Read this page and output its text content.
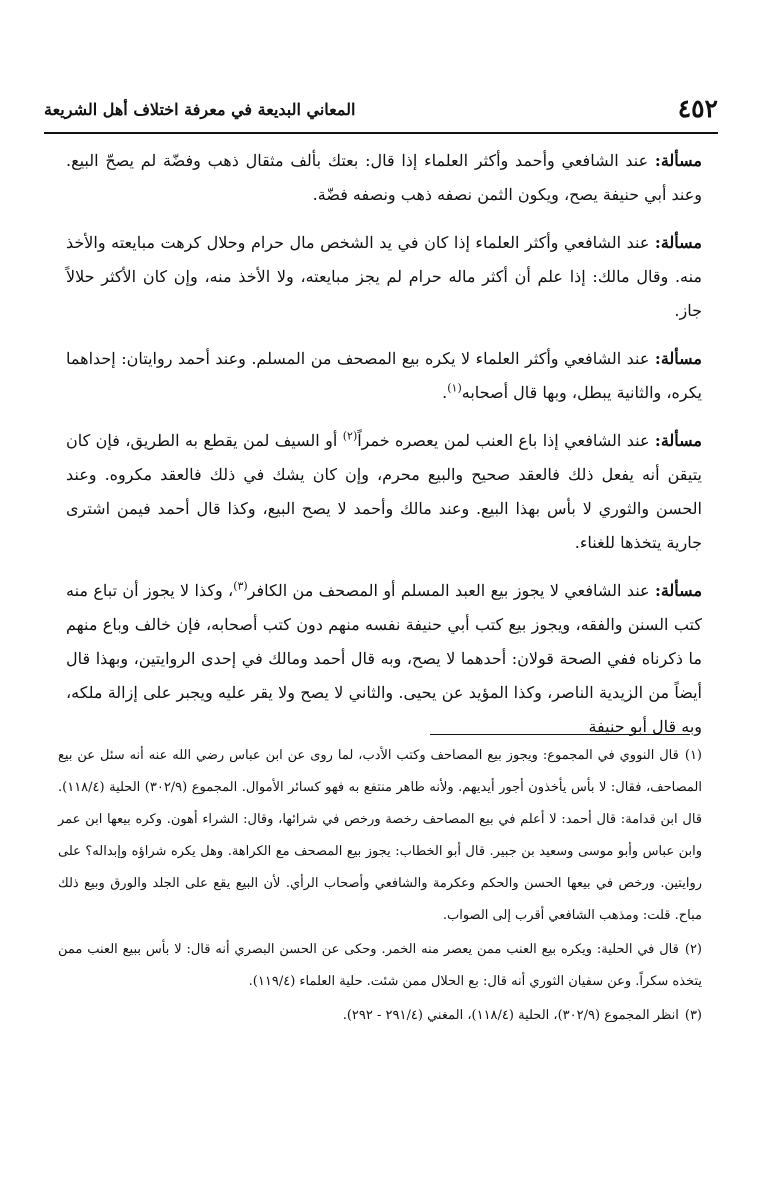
٤٥٢
المعاني البديعة في معرفة اختلاف أهل الشريعة

مسألة: عند الشافعي وأحمد وأكثر العلماء إذا قال: بعتك بألف مثقال ذهب وفضّة لم يصحّ البيع. وعند أبي حنيفة يصح، ويكون الثمن نصفه ذهب ونصفه فضّة.

مسألة: عند الشافعي وأكثر العلماء إذا كان في يد الشخص مال حرام وحلال كرهت مبايعته والأخذ منه. وقال مالك: إذا علم أن أكثر ماله حرام لم يجز مبايعته، ولا الأخذ منه، وإن كان الأكثر حلالاً جاز.

مسألة: عند الشافعي وأكثر العلماء لا يكره بيع المصحف من المسلم. وعند أحمد روايتان: إحداهما يكره، والثانية يبطل، وبها قال أصحابه$^{(١)}$.

مسألة: عند الشافعي إذا باع العنب لمن يعصره خمراً$^{(٢)}$ أو السيف لمن يقطع به الطريق، فإن كان يتيقن أنه يفعل ذلك فالعقد صحيح والبيع محرم، وإن كان يشك في ذلك فالعقد مكروه. وعند الحسن والثوري لا بأس بهذا البيع. وعند مالك وأحمد لا يصح البيع، وكذا قال أحمد فيمن اشترى جارية يتخذها للغناء.

مسألة: عند الشافعي لا يجوز بيع العبد المسلم أو المصحف من الكافر$^{(٣)}$، وكذا لا يجوز أن تباع منه كتب السنن والفقه، ويجوز بيع كتب أبي حنيفة نفسه منهم دون كتب أصحابه، فإن خالف وباع منهم ما ذكرناه ففي الصحة قولان: أحدهما لا يصح، وبه قال أحمد ومالك في إحدى الروايتين، وبهذا قال أيضاً من الزيدية الناصر، وكذا المؤيد عن يحيى. والثاني لا يصح ولا يقر عليه ويجبر على إزالة ملكه، وبه قال أبو حنيفة

(١)قال النووي في المجموع: ويجوز بيع المصاحف وكتب الأدب، لما روى عن ابن عباس رضي الله عنه أنه سئل عن بيع المصاحف، فقال: لا بأس يأخذون أجور أيديهم. ولأنه طاهر منتفع به فهو كسائر الأموال. المجموع (٣٠٢/٩) الحلية (١١٨/٤). قال ابن قدامة: قال أحمد: لا أعلم في بيع المصاحف رخصة ورخص في شرائها، وقال: الشراء أهون. وكره بيعها ابن عمر وابن عباس وأبو موسى وسعيد بن جبير. قال أبو الخطاب: يجوز بيع المصحف مع الكراهة. وهل يكره شراؤه وإبداله؟ على روايتين. ورخص في بيعها الحسن والحكم وعكرمة والشافعي وأصحاب الرأي. لأن البيع يقع على الجلد والورق وبيع ذلك مباح. قلت: ومذهب الشافعي أقرب إلى الصواب.

(٢)قال في الحلية: ويكره بيع العنب ممن يعصر منه الخمر. وحكى عن الحسن البصري أنه قال: لا بأس ببيع العنب ممن يتخذه سكراً. وعن سفيان الثوري أنه قال: بع الحلال ممن شئت. حلية العلماء (١١٩/٤).

(٣)انظر المجموع (٣٠٢/٩)، الحلية (١١٨/٤)، المغني (٢٩١/٤ - ٢٩٢).
